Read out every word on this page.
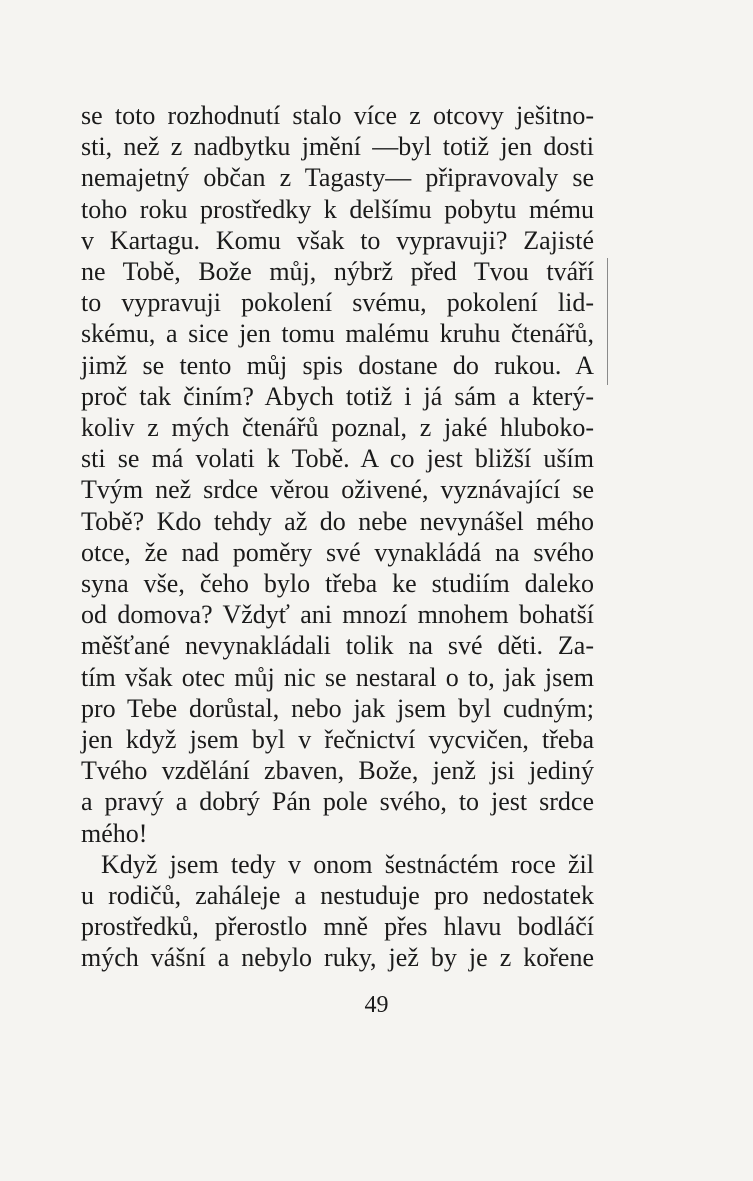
se toto rozhodnutí stalo více z otcovy ješitno-
sti, než z nadbytku jmění —byl totiž jen dosti
nemajetný občan z Tagasty— připravovaly se
toho roku prostředky k delšímu pobytu mému
v Kartagu. Komu však to vypravuji? Zajisté
ne Tobě, Bože můj, nýbrž před Tvou tváří
to vypravuji pokolení svému, pokolení lid-
skému, a sice jen tomu malému kruhu čtenářů,
jimž se tento můj spis dostane do rukou. A
proč tak činím? Abych totiž i já sám a který-
koliv z mých čtenářů poznal, z jaké hluboko-
sti se má volati k Tobě. A co jest bližší uším
Tvým než srdce věrou oživené, vyznávající se
Tobě? Kdo tehdy až do nebe nevynášel mého
otce, že nad poměry své vynakládá na svého
syna vše, čeho bylo třeba ke studiím daleko
od domova? Vždyť ani mnozí mnohem bohatší
měšťané nevynakládali tolik na své děti. Za-
tím však otec můj nic se nestaral o to, jak jsem
pro Tebe dorůstal, nebo jak jsem byl cudným;
jen když jsem byl v řečnictví vycvičen, třeba
Tvého vzdělání zbaven, Bože, jenž jsi jediný
a pravý a dobrý Pán pole svého, to jest srdce
mého!
Když jsem tedy v onom šestnáctém roce žil
u rodičů, zaháleje a nestuduje pro nedostatek
prostředků, přerostlo mně přes hlavu bodláčí
mých vášní a nebylo ruky, jež by je z kořene
49
